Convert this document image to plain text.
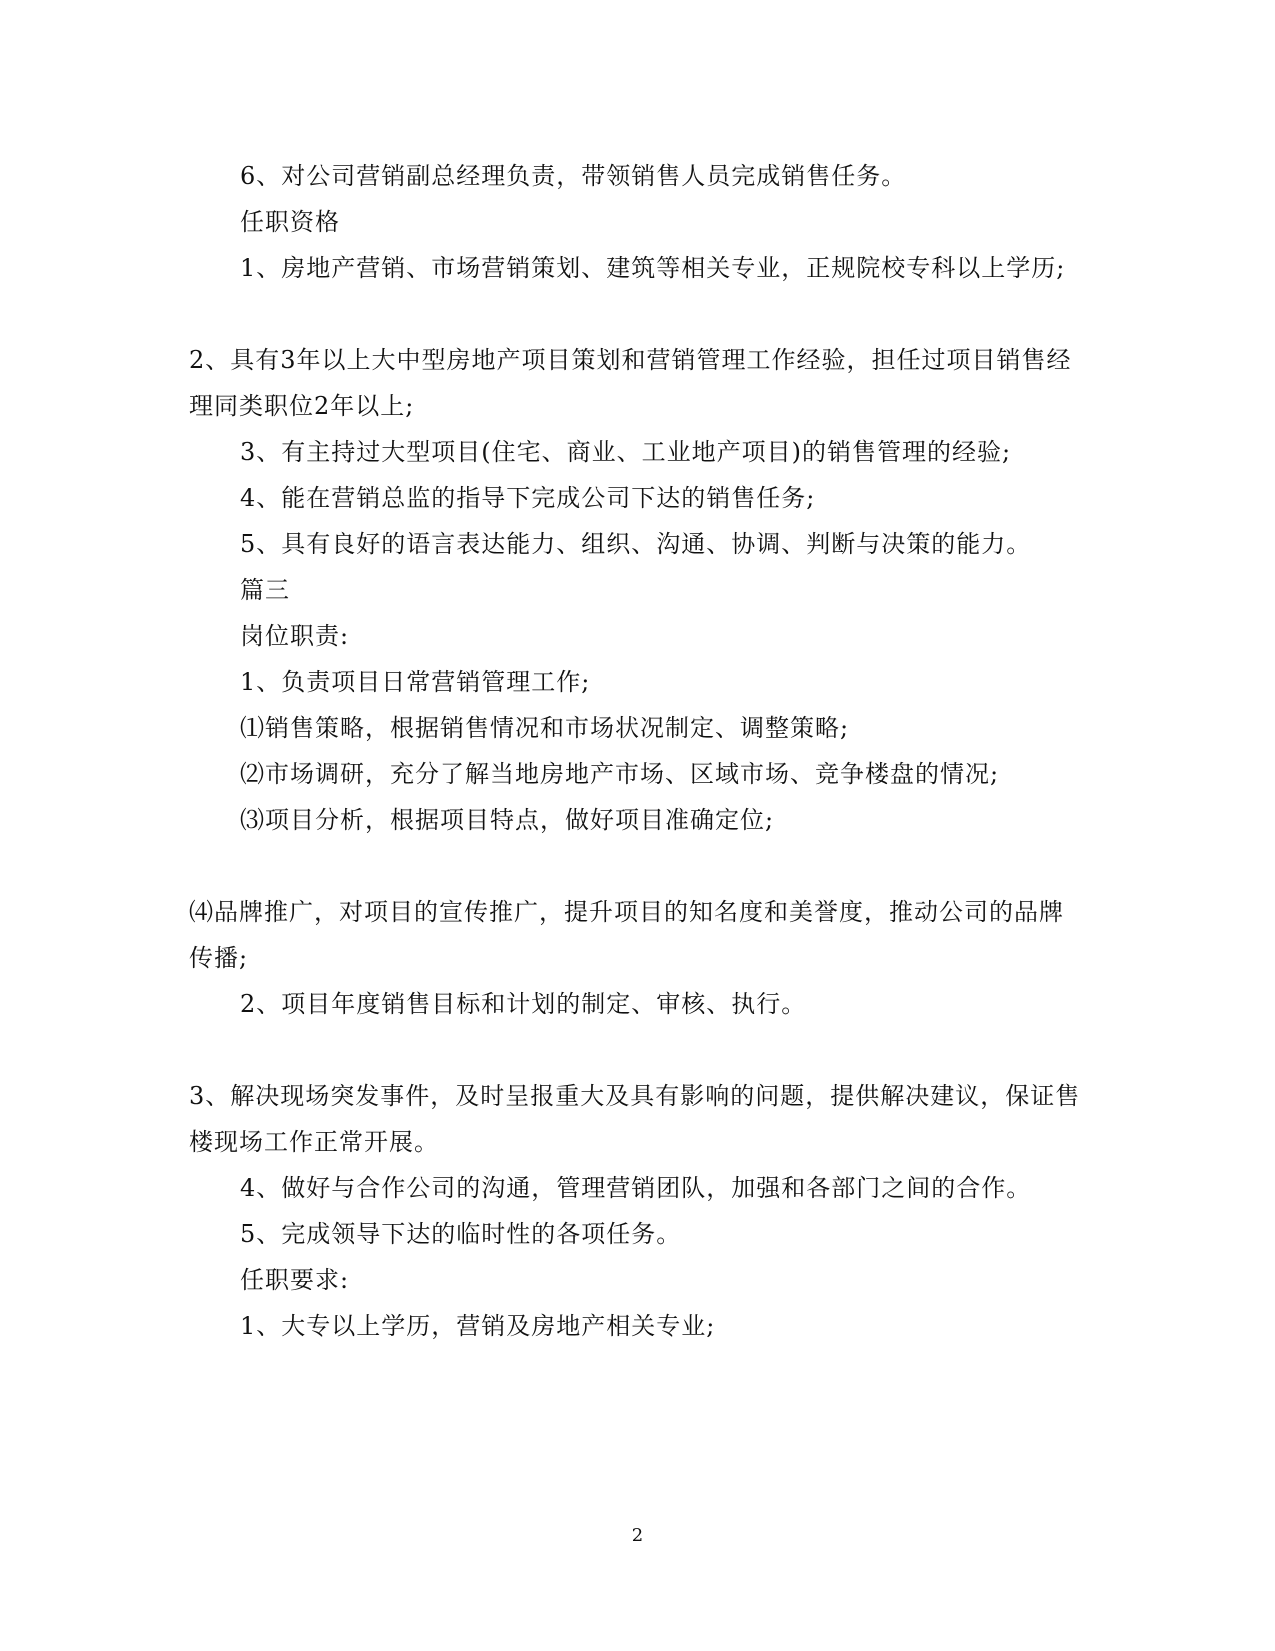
6、对公司营销副总经理负责，带领销售人员完成销售任务。
任职资格
1、房地产营销、市场营销策划、建筑等相关专业，正规院校专科以上学历;
2、具有3年以上大中型房地产项目策划和营销管理工作经验，担任过项目销售经
理同类职位2年以上;
3、有主持过大型项目(住宅、商业、工业地产项目)的销售管理的经验;
4、能在营销总监的指导下完成公司下达的销售任务;
5、具有良好的语言表达能力、组织、沟通、协调、判断与决策的能力。
篇三
岗位职责:
1、负责项目日常营销管理工作;
⑴销售策略，根据销售情况和市场状况制定、调整策略;
⑵市场调研，充分了解当地房地产市场、区域市场、竞争楼盘的情况;
⑶项目分析，根据项目特点，做好项目准确定位;
⑷品牌推广，对项目的宣传推广，提升项目的知名度和美誉度，推动公司的品牌
传播;
2、项目年度销售目标和计划的制定、审核、执行。
3、解决现场突发事件，及时呈报重大及具有影响的问题，提供解决建议，保证售
楼现场工作正常开展。
4、做好与合作公司的沟通，管理营销团队，加强和各部门之间的合作。
5、完成领导下达的临时性的各项任务。
任职要求:
1、大专以上学历，营销及房地产相关专业;
2
